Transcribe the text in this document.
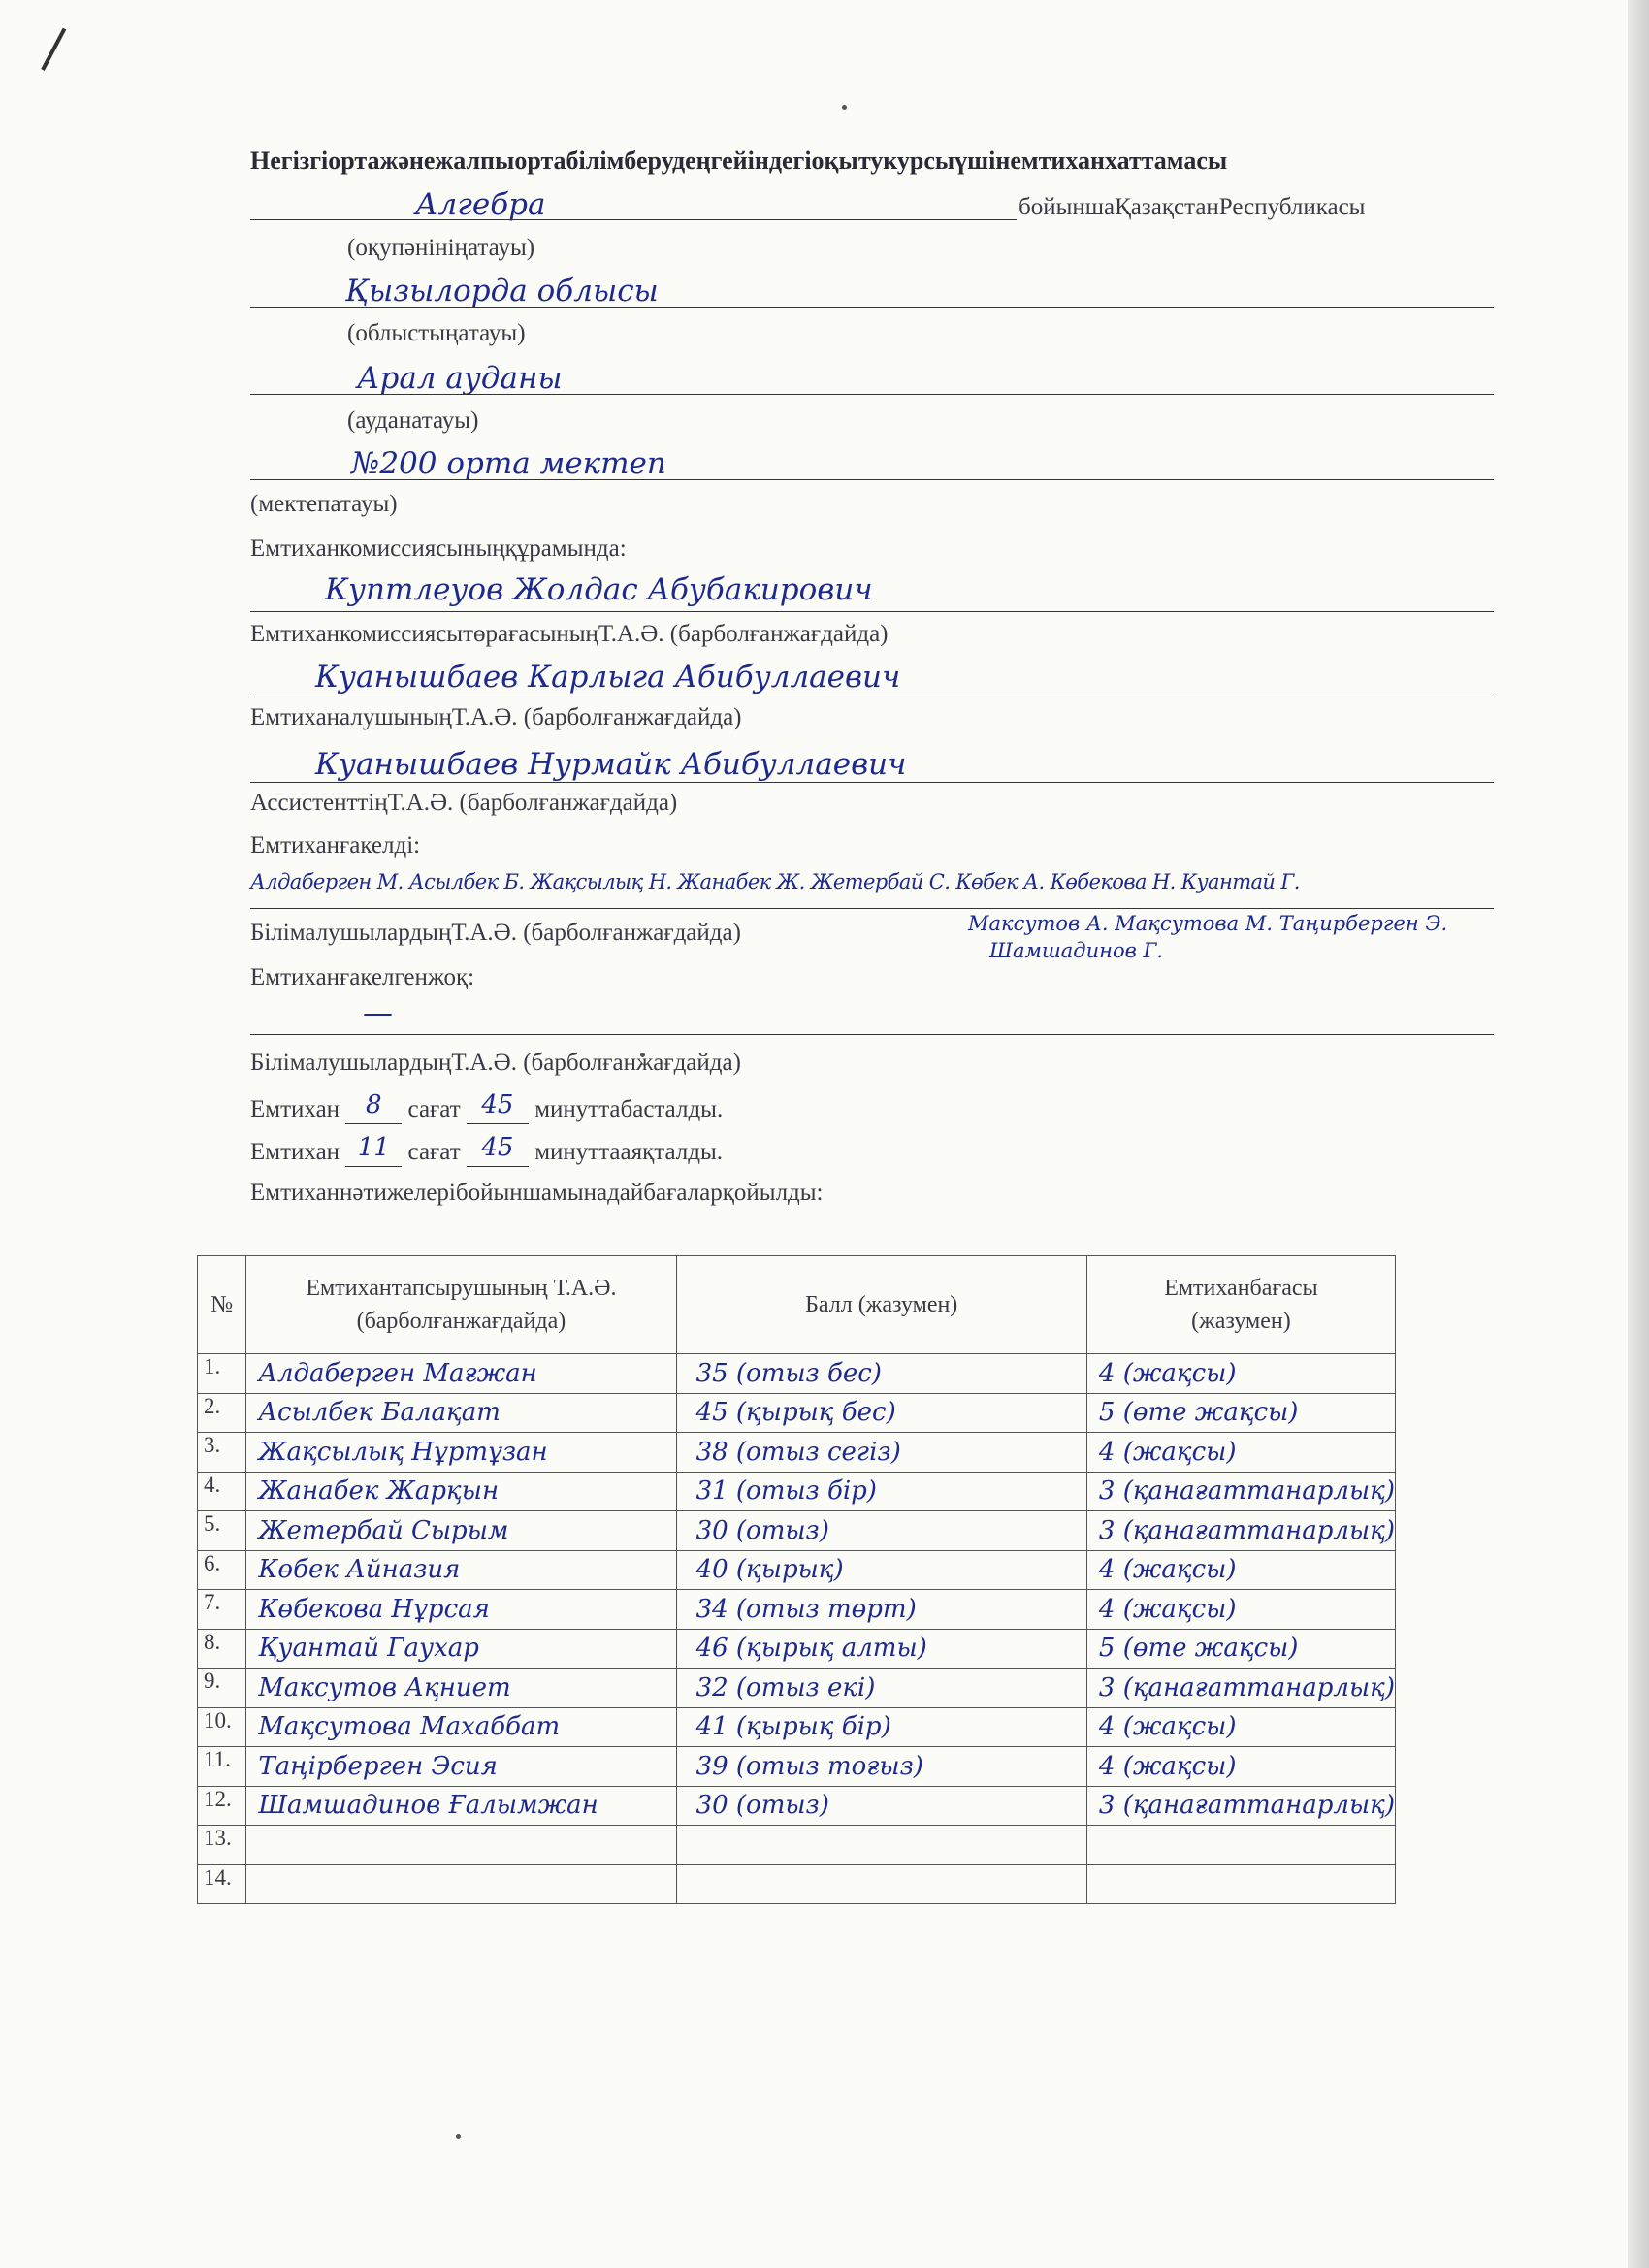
Негізгіортажәнежалпыортабілімберудеңгейіндегіоқытукурсыүшінемтиханхаттамасы
Алгебра	бойыншаҚазақстанРеспубликасы
(оқупәнініңатауы)
Қызылорда облысы
(облыстыңатауы)
Арал ауданы
(ауданатауы)
№200 орта мектеп
(мектепатауы)
Емтиханкомиссиясыныңқұрамында:
Куптлеуов Жолдас Абубакирович
ЕмтиханкомиссиясытөрағасыныңТ.А.Ә. (барболғанжағдайда)
Куанышбаев Карлыга Абибуллаевич
ЕмтиханалушыныңТ.А.Ә. (барболғанжағдайда)
Куанышбаев Нурмайк Абибуллаевич
АссистенттіңТ.А.Ә. (барболғанжағдайда)
Емтиханғакелді:
Алдаберген М. Асылбек Б. Жақсылық Н. Жанабек Ж. Жетербай С. Көбек А. Көбекова Н. Куантай Г.
БілімалушылардыңТ.А.Ә. (барболғанжағдайда)	Максутов А. Мақсутова М. Таңирберген Э.
Шамшадинов Г.
Емтиханғакелгенжоқ:
—
БілімалушылардыңТ.А.Ә. (барболғанжағдайда)
Емтихан 8 сағат 45 минуттабасталды.
Емтихан 11 сағат 45 минуттааяқталды.
Емтиханнәтижелерібойыншамынадайбағаларқойылды:
№	Емтихантапсырушының Т.А.Ә. (барболғанжағдайда)	Балл (жазумен)	Емтиханбағасы (жазумен)
1.	Алдаберген Мағжан	35 (отыз бес)	4 (жақсы)
2.	Асылбек Балақат	45 (қырық бес)	5 (өте жақсы)
3.	Жақсылық Нұртұзан	38 (отыз сегіз)	4 (жақсы)
4.	Жанабек Жарқын	31 (отыз бір)	3 (қанағаттанарлық)
5.	Жетербай Сырым	30 (отыз)	3 (қанағаттанарлық)
6.	Көбек Айназия	40 (қырық)	4 (жақсы)
7.	Көбекова Нұрсая	34 (отыз төрт)	4 (жақсы)
8.	Қуантай Гаухар	46 (қырық алты)	5 (өте жақсы)
9.	Максутов Ақниет	32 (отыз екі)	3 (қанағаттанарлық)
10.	Мақсутова Махаббат	41 (қырық бір)	4 (жақсы)
11.	Таңірберген Эсия	39 (отыз тоғыз)	4 (жақсы)
12.	Шамшадинов Ғалымжан	30 (отыз)	3 (қанағаттанарлық)
13.			
14.			
